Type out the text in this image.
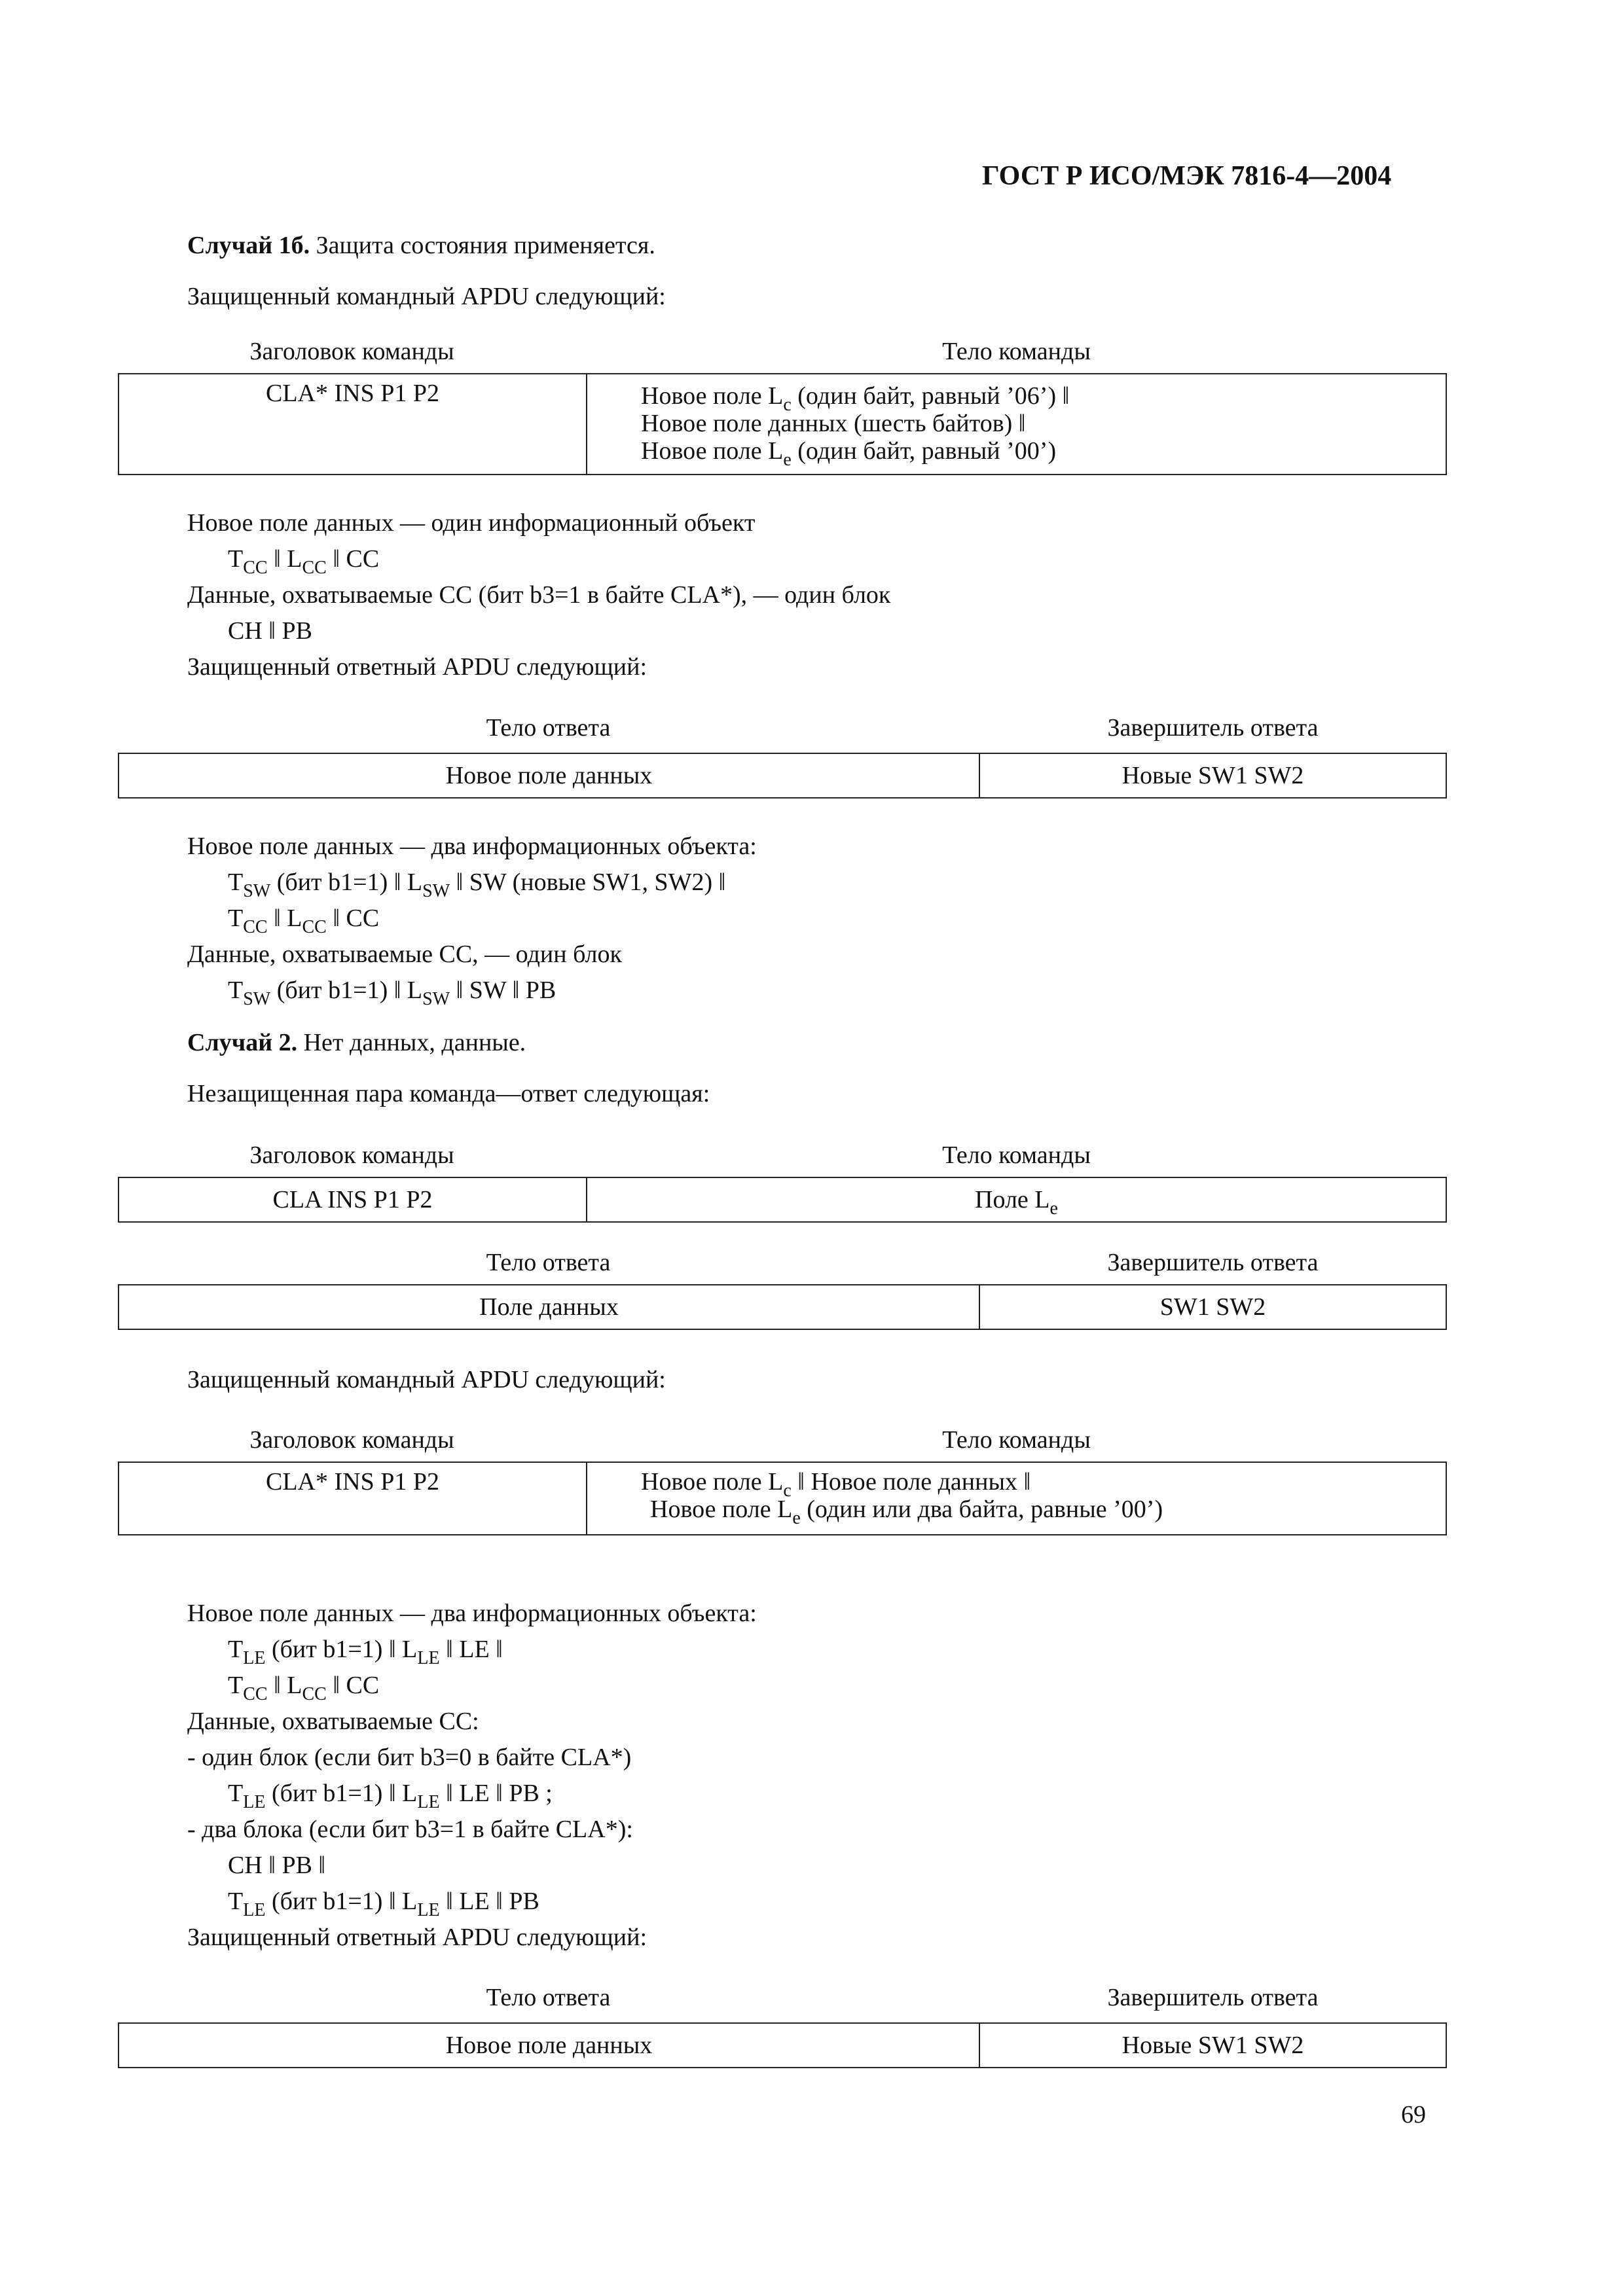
ГОСТ Р ИСО/МЭК 7816-4—2004
Случай 1б. Защита состояния применяется.
Защищенный командный APDU следующий:
Заголовок команды	Тело команды
CLA* INS P1 P2	Новое поле $L_c$ (один байт, равный ’06’) ‖
Новое поле данных (шесть байтов) ‖
Новое поле $L_e$ (один байт, равный ’00’)
Новое поле данных — один информационный объект
$T_{CC}$ ‖ $L_{CC}$ ‖ CC
Данные, охватываемые CC (бит b3=1 в байте CLA*), — один блок
CH ‖ PB
Защищенный ответный APDU следующий:
Тело ответа	Завершитель ответа
Новое поле данных	Новые SW1 SW2
Новое поле данных — два информационных объекта:
$T_{SW}$ (бит b1=1) ‖ $L_{SW}$ ‖ SW (новые SW1, SW2) ‖
$T_{CC}$ ‖ $L_{CC}$ ‖ CC
Данные, охватываемые CC, — один блок
$T_{SW}$ (бит b1=1) ‖ $L_{SW}$ ‖ SW ‖ PB
Случай 2. Нет данных, данные.
Незащищенная пара команда—ответ следующая:
Заголовок команды	Тело команды
CLA INS P1 P2	Поле $L_e$
Тело ответа	Завершитель ответа
Поле данных	SW1 SW2
Защищенный командный APDU следующий:
Заголовок команды	Тело команды
CLA* INS P1 P2	Новое поле $L_c$ ‖ Новое поле данных ‖
Новое поле $L_e$ (один или два байта, равные ’00’)
Новое поле данных — два информационных объекта:
$T_{LE}$ (бит b1=1) ‖ $L_{LE}$ ‖ LE ‖
$T_{CC}$ ‖ $L_{CC}$ ‖ CC
Данные, охватываемые CC:
- один блок (если бит b3=0 в байте CLA*)
$T_{LE}$ (бит b1=1) ‖ $L_{LE}$ ‖ LE ‖ PB ;
- два блока (если бит b3=1 в байте CLA*):
CH ‖ PB ‖
$T_{LE}$ (бит b1=1) ‖ $L_{LE}$ ‖ LE ‖ PB
Защищенный ответный APDU следующий:
Тело ответа	Завершитель ответа
Новое поле данных	Новые SW1 SW2
69
